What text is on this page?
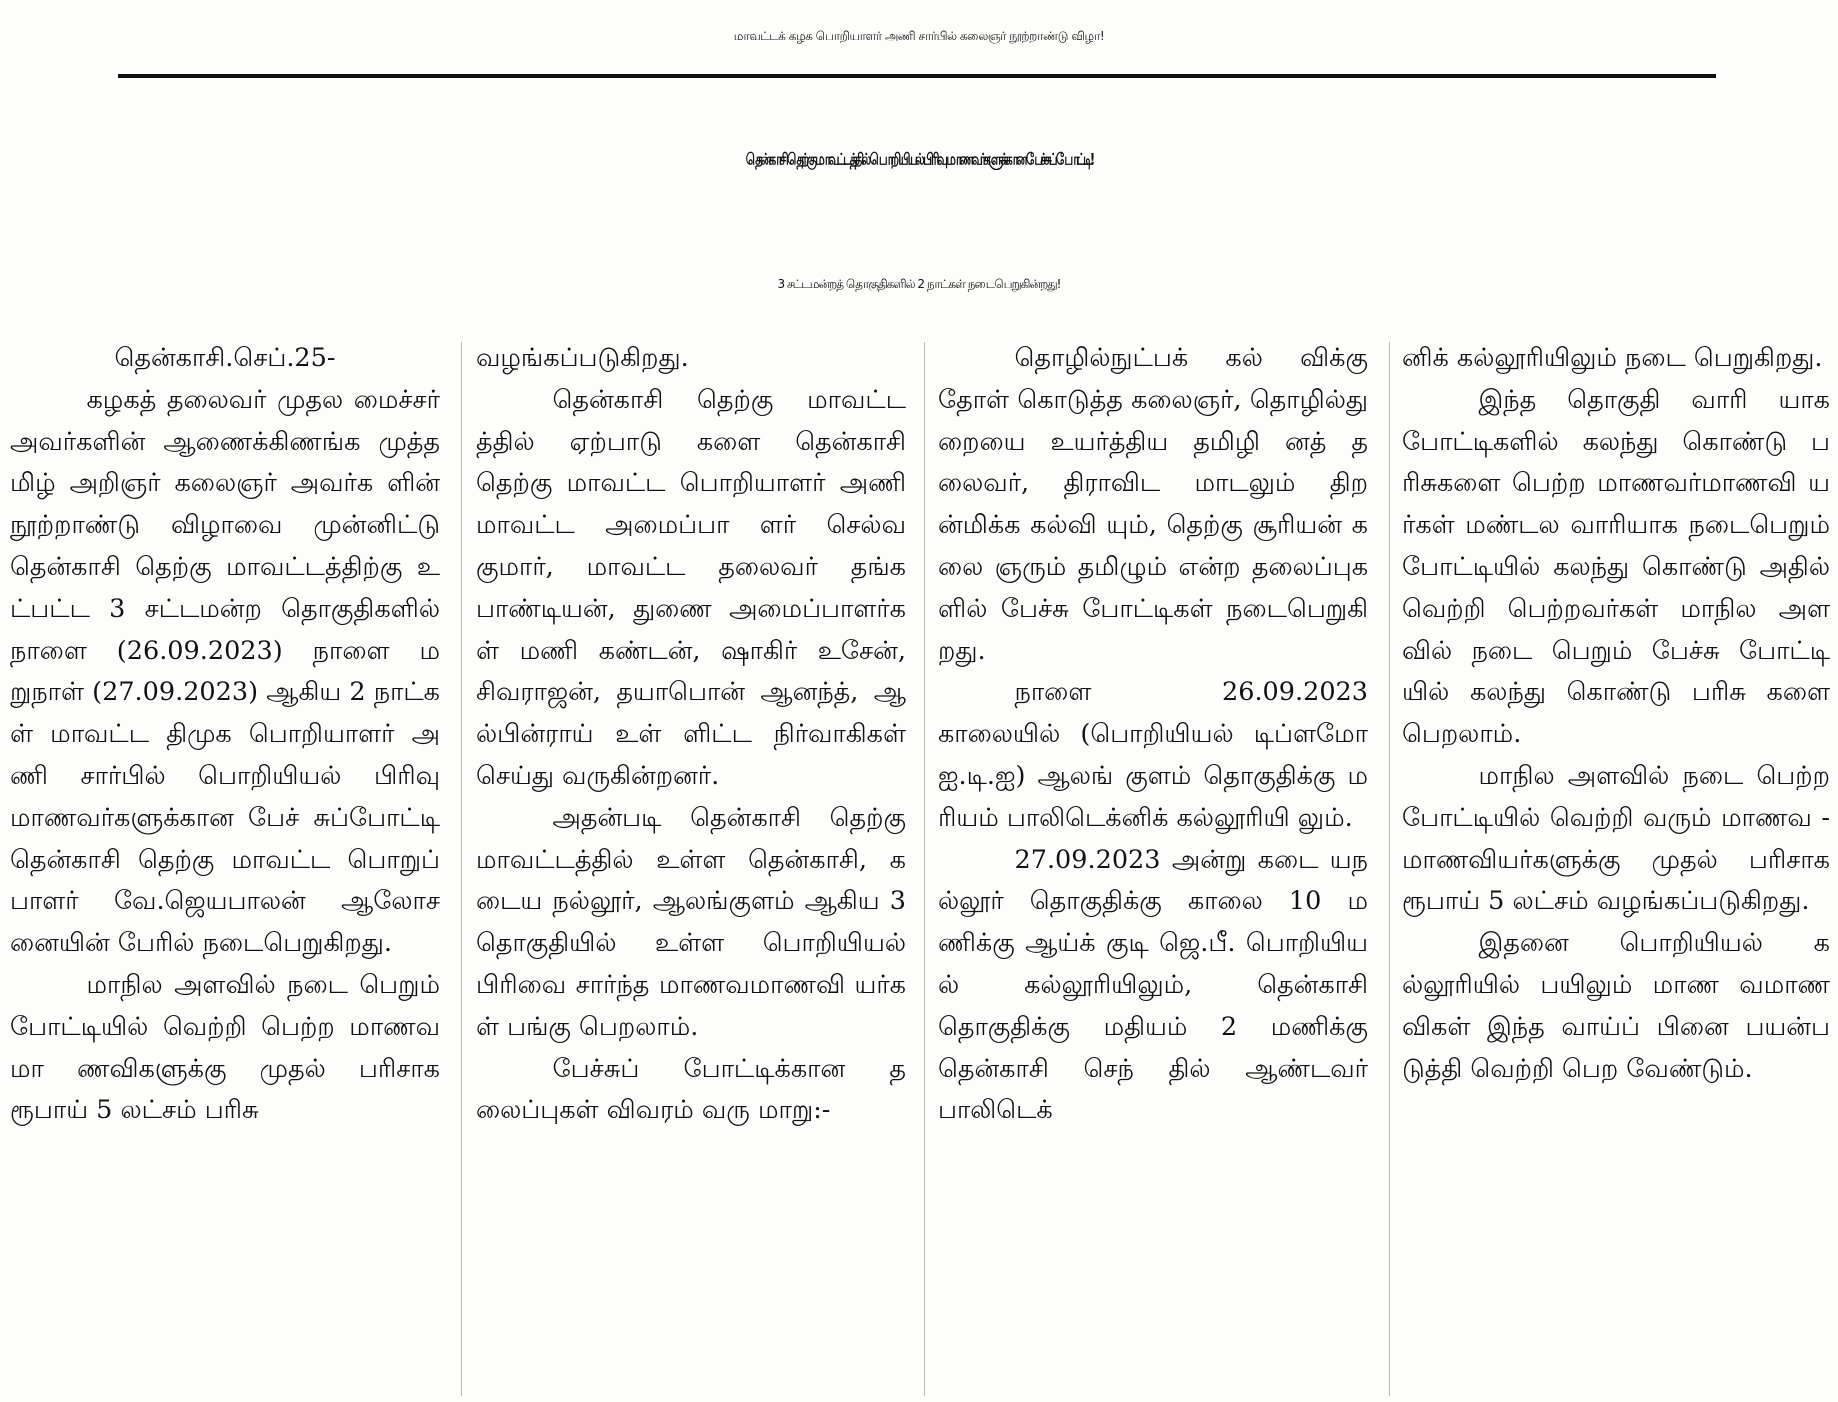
மாவட்டக் கழக பொறியாளர் அணி சார்பில் கலைஞர் நூற்றாண்டு விழா!
தென்காசி தெற்கு மாவட்டத்தில் பொறியியல் பிரிவு மாணவர்களுக்கான பேச்சுப் போட்டி!
3 சட்டமன்றத் தொகுதிகளில் 2 நாட்கள் நடைபெறுகின்றது!

தென்காசி.செப்.25-

கழகத் தலைவர் முதல மைச்சர் அவர்களின் ஆணைக்கிணங்க முத்தமிழ் அறிஞர் கலைஞர் அவர்க ளின் நூற்றாண்டு விழாவை முன்னிட்டு தென்காசி தெற்கு மாவட்டத்திற்கு உட்பட்ட 3 சட்டமன்ற தொகுதிகளில் நாளை (26.09.2023) நாளை மறுநாள் (27.09.2023) ஆகிய 2 நாட்கள் மாவட்ட திமுக பொறியாளர் அணி சார்பில் பொறியியல் பிரிவு மாணவர்களுக்கான பேச் சுப்போட்டி தென்காசி தெற்கு மாவட்ட பொறுப் பாளர் வே.ஜெயபாலன் ஆலோசனையின் பேரில் நடைபெறுகிறது.

மாநில அளவில் நடை பெறும் போட்டியில் வெற்றி பெற்ற மாணவமா ணவிகளுக்கு முதல் பரிசாக ரூபாய் 5 லட்சம் பரிசு

வழங்கப்படுகிறது.

தென்காசி தெற்கு மாவட்டத்தில் ஏற்பாடு களை தென்காசி தெற்கு மாவட்ட பொறியாளர் அணி மாவட்ட அமைப்பா ளர் செல்வகுமார், மாவட்ட தலைவர் தங்க பாண்டியன், துணை அமைப்பாளர்கள் மணி கண்டன், ஷாகிர் உசேன், சிவராஜன், தயாபொன் ஆனந்த், ஆல்பின்ராய் உள் ளிட்ட நிர்வாகிகள் செய்து வருகின்றனர்.

அதன்படி தென்காசி தெற்கு மாவட்டத்தில் உள்ள தென்காசி, கடைய நல்லூர், ஆலங்குளம் ஆகிய 3 தொகுதியில் உள்ள பொறியியல் பிரிவை சார்ந்த மாணவமாணவி யர்கள் பங்கு பெறலாம்.

பேச்சுப் போட்டிக்கான தலைப்புகள் விவரம் வரு மாறு:-

தொழில்நுட்பக் கல் விக்கு தோள் கொடுத்த கலைஞர், தொழில்து றையை உயர்த்திய தமிழி னத் தலைவர், திராவிட மாடலும் திறன்மிக்க கல்வி யும், தெற்கு சூரியன் கலை ஞரும் தமிழும் என்ற தலைப்புகளில் பேச்சு போட்டிகள் நடைபெறுகி றது.

நாளை 26.09.2023 காலையில் (பொறியியல் டிப்ளமோ ஐ.டி.ஐ) ஆலங் குளம் தொகுதிக்கு மரியம் பாலிடெக்னிக் கல்லூரியி லும்.

27.09.2023 அன்று கடை யநல்லூர் தொகுதிக்கு காலை 10 மணிக்கு ஆய்க் குடி ஜெ.பீ. பொறியியல் கல்லூரியிலும், தென்காசி தொகுதிக்கு மதியம் 2 மணிக்கு தென்காசி செந் தில் ஆண்டவர் பாலிடெக்

னிக் கல்லூரியிலும் நடை பெறுகிறது.

இந்த தொகுதி வாரி யாக போட்டிகளில் கலந்து கொண்டு பரிசுகளை பெற்ற மாணவர்மாணவி யர்கள் மண்டல வாரியாக நடைபெறும் போட்டியில் கலந்து கொண்டு அதில் வெற்றி பெற்றவர்கள் மாநில அளவில் நடை பெறும் பேச்சு போட்டி யில் கலந்து கொண்டு பரிசு களை பெறலாம்.

மாநில அளவில் நடை பெற்ற போட்டியில் வெற்றி வரும் மாணவ - மாணவியர்களுக்கு முதல் பரிசாக ரூபாய் 5 லட்சம் வழங்கப்படுகிறது.

இதனை பொறியியல் கல்லூரியில் பயிலும் மாண வமாணவிகள் இந்த வாய்ப் பினை பயன்படுத்தி வெற்றி பெற வேண்டும்.
